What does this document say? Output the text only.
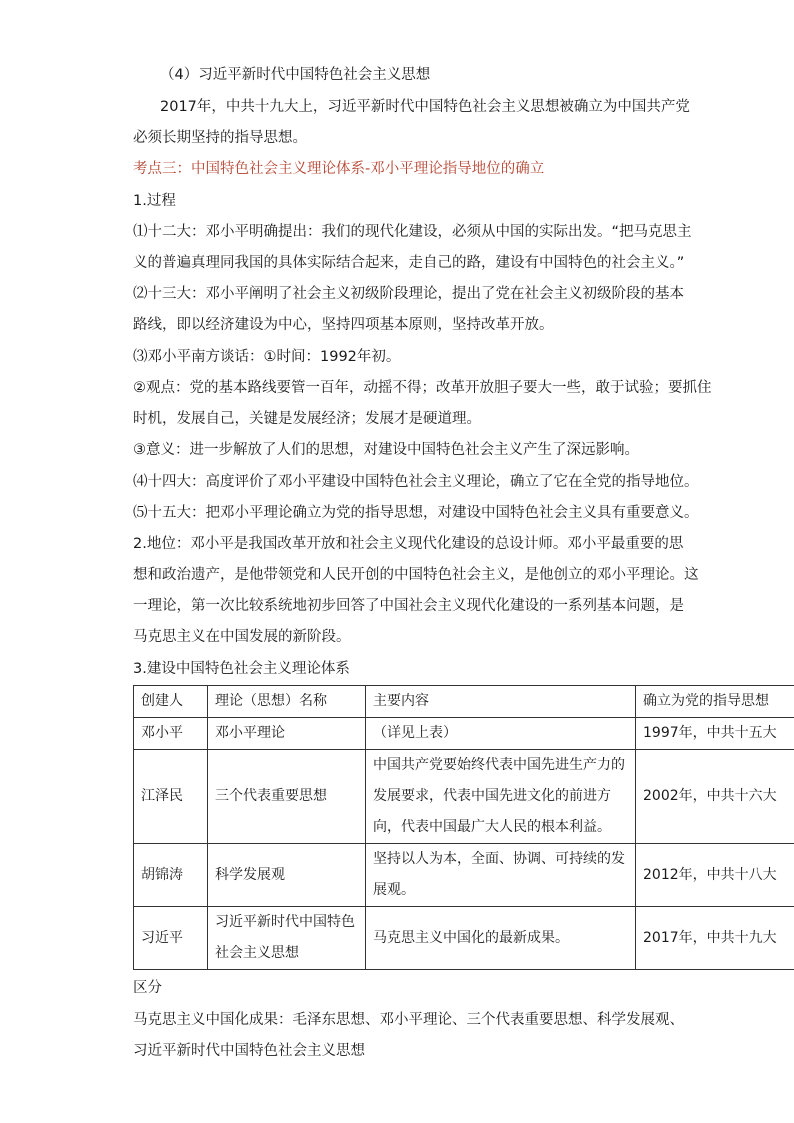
（4）习近平新时代中国特色社会主义思想
2017年，中共十九大上，习近平新时代中国特色社会主义思想被确立为中国共产党
必须长期坚持的指导思想。
考点三：中国特色社会主义理论体系-邓小平理论指导地位的确立
1.过程
⑴十二大：邓小平明确提出：我们的现代化建设，必须从中国的实际出发。“把马克思主
义的普遍真理同我国的具体实际结合起来，走自己的路，建设有中国特色的社会主义。”
⑵十三大：邓小平阐明了社会主义初级阶段理论，提出了党在社会主义初级阶段的基本
路线，即以经济建设为中心，坚持四项基本原则，坚持改革开放。
⑶邓小平南方谈话：①时间：1992年初。
②观点：党的基本路线要管一百年，动摇不得；改革开放胆子要大一些，敢于试验；要抓住
时机，发展自己，关键是发展经济；发展才是硬道理。
③意义：进一步解放了人们的思想，对建设中国特色社会主义产生了深远影响。
⑷十四大：高度评价了邓小平建设中国特色社会主义理论，确立了它在全党的指导地位。
⑸十五大：把邓小平理论确立为党的指导思想，对建设中国特色社会主义具有重要意义。
2.地位：邓小平是我国改革开放和社会主义现代化建设的总设计师。邓小平最重要的思
想和政治遗产，是他带领党和人民开创的中国特色社会主义，是他创立的邓小平理论。这
一理论，第一次比较系统地初步回答了中国社会主义现代化建设的一系列基本问题，是
马克思主义在中国发展的新阶段。
3.建设中国特色社会主义理论体系
创建人	理论（思想）名称	主要内容	确立为党的指导思想
邓小平	邓小平理论	（详见上表）	1997年，中共十五大
江泽民	三个代表重要思想	中国共产党要始终代表中国先进生产力的
发展要求，代表中国先进文化的前进方
向，代表中国最广大人民的根本利益。	2002年，中共十六大
胡锦涛	科学发展观	坚持以人为本，全面、协调、可持续的发
展观。	2012年，中共十八大
习近平	习近平新时代中国特色
社会主义思想	马克思主义中国化的最新成果。	2017年，中共十九大
区分
马克思主义中国化成果：毛泽东思想、邓小平理论、三个代表重要思想、科学发展观、
习近平新时代中国特色社会主义思想
